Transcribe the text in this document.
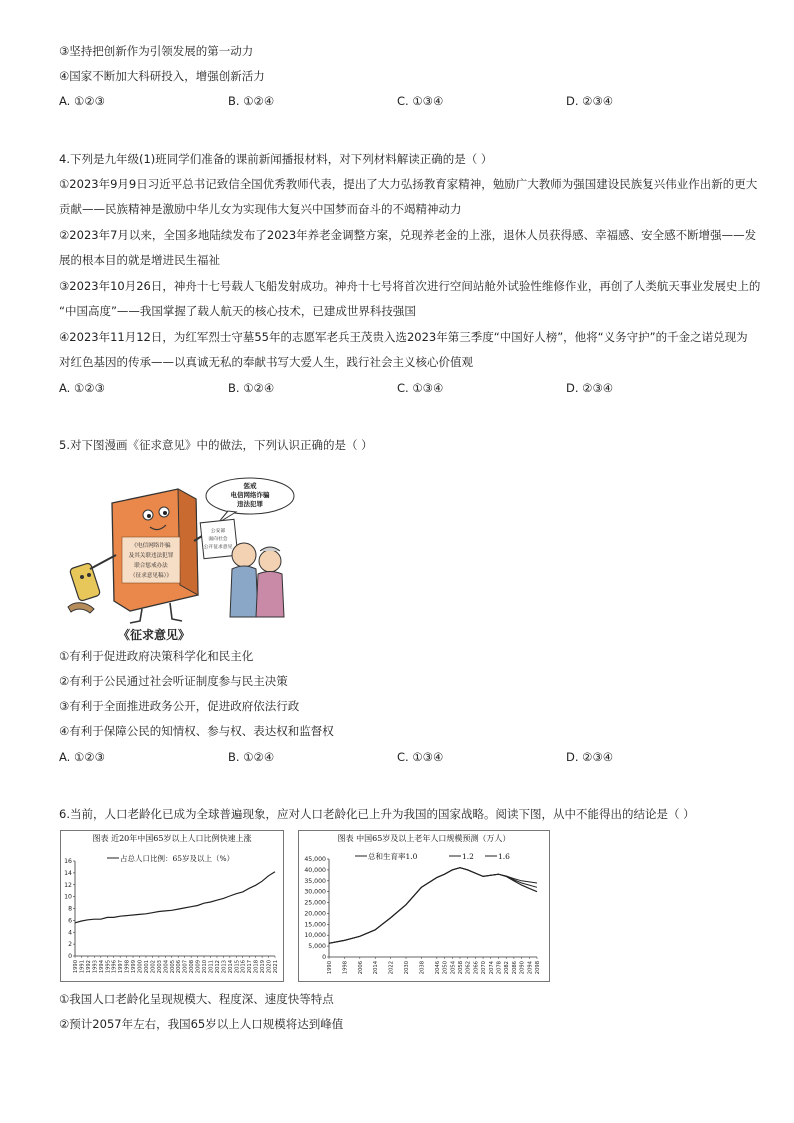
③坚持把创新作为引领发展的第一动力
④国家不断加大科研投入，增强创新活力
A. ①②③	B. ①②④	C. ①③④	D. ②③④
4.下列是九年级(1)班同学们准备的课前新闻播报材料，对下列材料解读正确的是（ ）
①2023年9月9日习近平总书记致信全国优秀教师代表，提出了大力弘扬教育家精神，勉励广大教师为强国建设民族复兴伟业作出新的更大
贡献——民族精神是激励中华儿女为实现伟大复兴中国梦而奋斗的不竭精神动力
②2023年7月以来，全国多地陆续发布了2023年养老金调整方案，兑现养老金的上涨，退休人员获得感、幸福感、安全感不断增强——发
展的根本目的就是增进民生福祉
③2023年10月26日，神舟十七号载人飞船发射成功。神舟十七号将首次进行空间站舱外试验性维修作业，再创了人类航天事业发展史上的
“中国高度”——我国掌握了载人航天的核心技术，已建成世界科技强国
④2023年11月12日，为红军烈士守墓55年的志愿军老兵王茂贵入选2023年第三季度“中国好人榜”，他将“义务守护”的千金之诺兑现为
对红色基因的传承——以真诚无私的奉献书写大爱人生，践行社会主义核心价值观
A. ①②③	B. ①②④	C. ①③④	D. ②③④
5.对下图漫画《征求意见》中的做法，下列认识正确的是（ ）
惩戒
电信网络诈骗
违法犯罪
《电信网络诈骗
及其关联违法犯罪
联合惩戒办法
（征求意见稿）》
公安部
面向社会
公开征求意见
《征求意见》
①有利于促进政府决策科学化和民主化
②有利于公民通过社会听证制度参与民主决策
③有利于全面推进政务公开，促进政府依法行政
④有利于保障公民的知情权、参与权、表达权和监督权
A. ①②③	B. ①②④	C. ①③④	D. ②③④
6.当前，人口老龄化已成为全球普遍现象，应对人口老龄化已上升为我国的国家战略。阅读下图，从中不能得出的结论是（ ）
图表 近20年中国65岁以上人口比例快速上涨
0
2
4
6
8
10
12
14
16
1990 1991 1992 1993 1994 1995 1996 1997 1998 1999 2000 2001 2002 2003 2004 2005 2006 2007 2008 2009 2010 2011 2012 2013 2014 2015 2016 2017 2018 2019 2020 2021
占总人口比例：65岁及以上（%）
图表 中国65岁及以上老年人口规模预测（万人）
0
5,000
10,000
15,000
20,000
25,000
30,000
35,000
40,000
45,000
1990 1998 2006 2014 2022 2030 2038 2046 2050 2054 2058 2062 2066 2070 2074 2078 2082 2086 2090 2094 2098
总和生育率1.0	1.2	1.6
①我国人口老龄化呈现规模大、程度深、速度快等特点
②预计2057年左右，我国65岁以上人口规模将达到峰值
